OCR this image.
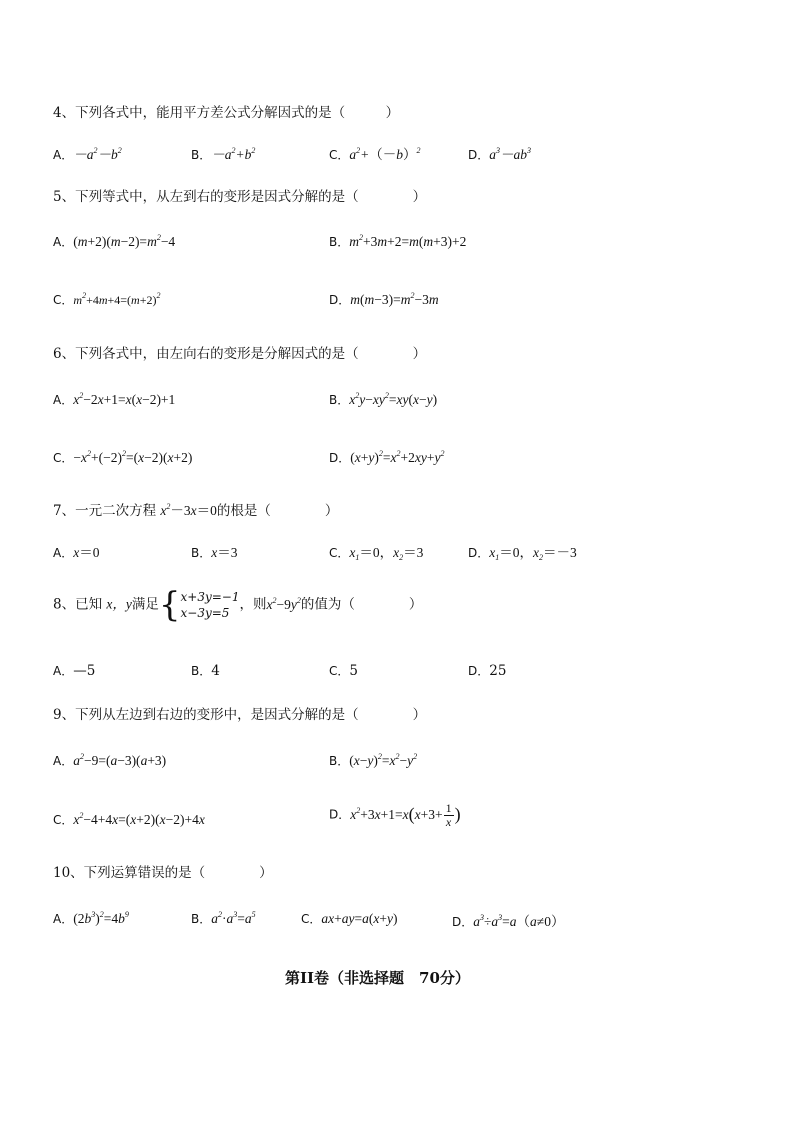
4、下列各式中，能用平方差公式分解因式的是（　　　）
A．$-a^2-b^2$	B．$-a^2+b^2$	C．$a^2+(-b)^2$	D．$a^3-ab^3$
5、下列等式中，从左到右的变形是因式分解的是（　　　　）
A．$(m+2)(m-2)=m^2-4$	B．$m^2+3m+2=m(m+3)+2$
C．$m^2+4m+4=(m+2)^2$	D．$m(m-3)=m^2-3m$
6、下列各式中，由左向右的变形是分解因式的是（　　　　）
A．$x^2-2x+1=x(x-2)+1$	B．$x^2y-xy^2=xy(x-y)$
C．$-x^2+(-2)^2=(x-2)(x+2)$	D．$(x+y)^2=x^2+2xy+y^2$
7、一元二次方程 $x^2-3x=0$的根是（　　　　）
A．x＝0	B．x＝3	C．$x_1=0$，$x_2=3$	D．$x_1=0$，$x_2=-3$
8、已知 x，y满足{ x+3y=−1
x−3y=5
，则$x^2-9y^2$的值为（　　　　）
A．—5	B．4	C．5	D．25
9、下列从左边到右边的变形中，是因式分解的是（　　　　）
A．$a^2-9=(a-3)(a+3)$	B．$(x-y)^2=x^2-y^2$
C．$x^2-4+4x=(x+2)(x-2)+4x$	D．$x^2+3x+1=x(x+3+ \frac{1}{x}$ )
10、下列运算错误的是（　　　　）
A．$(2b^3)^2=4b^9$	B．$a^2\cdot a^3=a^5$	C．ax+ay=a(x+y)	D．$a^3\div a^3=a(a\ne 0)$
第II卷（非选择题　70分）
